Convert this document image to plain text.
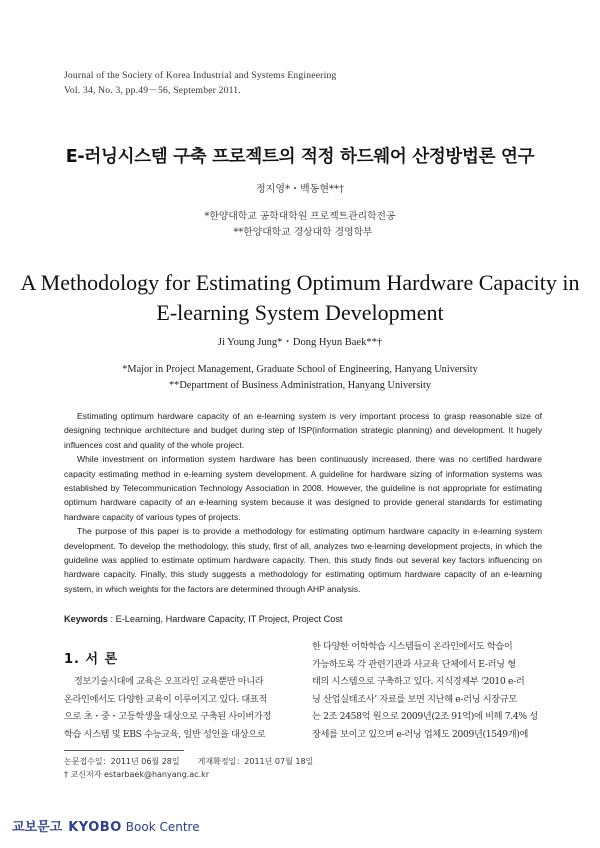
Journal of the Society of Korea Industrial and Systems Engineering
Vol. 34, No. 3, pp.49－56, September 2011.
E-러닝시스템 구축 프로젝트의 적정 하드웨어 산정방법론 연구
정지영*・백동현**†
*한양대학교 공학대학원 프로젝트관리학전공
**한양대학교 경상대학 경영학부
A Methodology for Estimating Optimum Hardware Capacity in
E-learning System Development
Ji Young Jung*・Dong Hyun Baek**†
*Major in Project Management, Graduate School of Engineering, Hanyang University
**Department of Business Administration, Hanyang University

Estimating optimum hardware capacity of an e-learning system is very important process to grasp reasonable size of designing technique architecture and budget during step of ISP(information strategic planning) and development. It hugely influences cost and quality of the whole project.

While investment on information system hardware has been continuously increased, there was no certified hardware capacity estimating method in e-learning system development. A guideline for hardware sizing of information systems was established by Telecommunication Technology Association in 2008. However, the guideline is not appropriate for estimating optimum hardware capacity of an e-learning system because it was designed to provide general standards for estimating hardware capacity of various types of projects.

The purpose of this paper is to provide a methodology for estimating optimum hardware capacity in e-learning system development. To develop the methodology, this study, first of all, analyzes two e-learning development projects, in which the guideline was applied to estimate optimum hardware capacity. Then, this study finds out several key factors influencing on hardware capacity. Finally, this study suggests a methodology for estimating optimum hardware capacity of an e-learning system, in which weights for the factors are determined through AHP analysis.

Keywords : E-Learning, Hardware Capacity, IT Project, Project Cost
1. 서 론
정보기술시대에 교육은 오프라인 교육뿐만 아니라
온라인에서도 다양한 교육이 이루어지고 있다. 대표적
으로 초・중・고등학생을 대상으로 구축된 사이버가정
학습 시스템 및 EBS 수능교육, 일반 성인을 대상으로
한 다양한 어학학습 시스템들이 온라인에서도 학습이
가능하도록 각 관련기관과 사교육 단체에서 E-러닝 형
태의 시스템으로 구축하고 있다. 지식경제부 ‘2010 e-러
닝 산업실태조사’ 자료를 보면 지난해 e-러닝 시장규모
는 2조 2458억 원으로 2009년(2조 91억)에 비해 7.4% 성
장세를 보이고 있으며 e-러닝 업체도 2009년(1549개)에
논문접수일：2011년 06월 28일 게재확정일：2011년 07월 18일
† 교신저자 estarbaek@hanyang.ac.kr
교보문고 KYOBO Book Centre
